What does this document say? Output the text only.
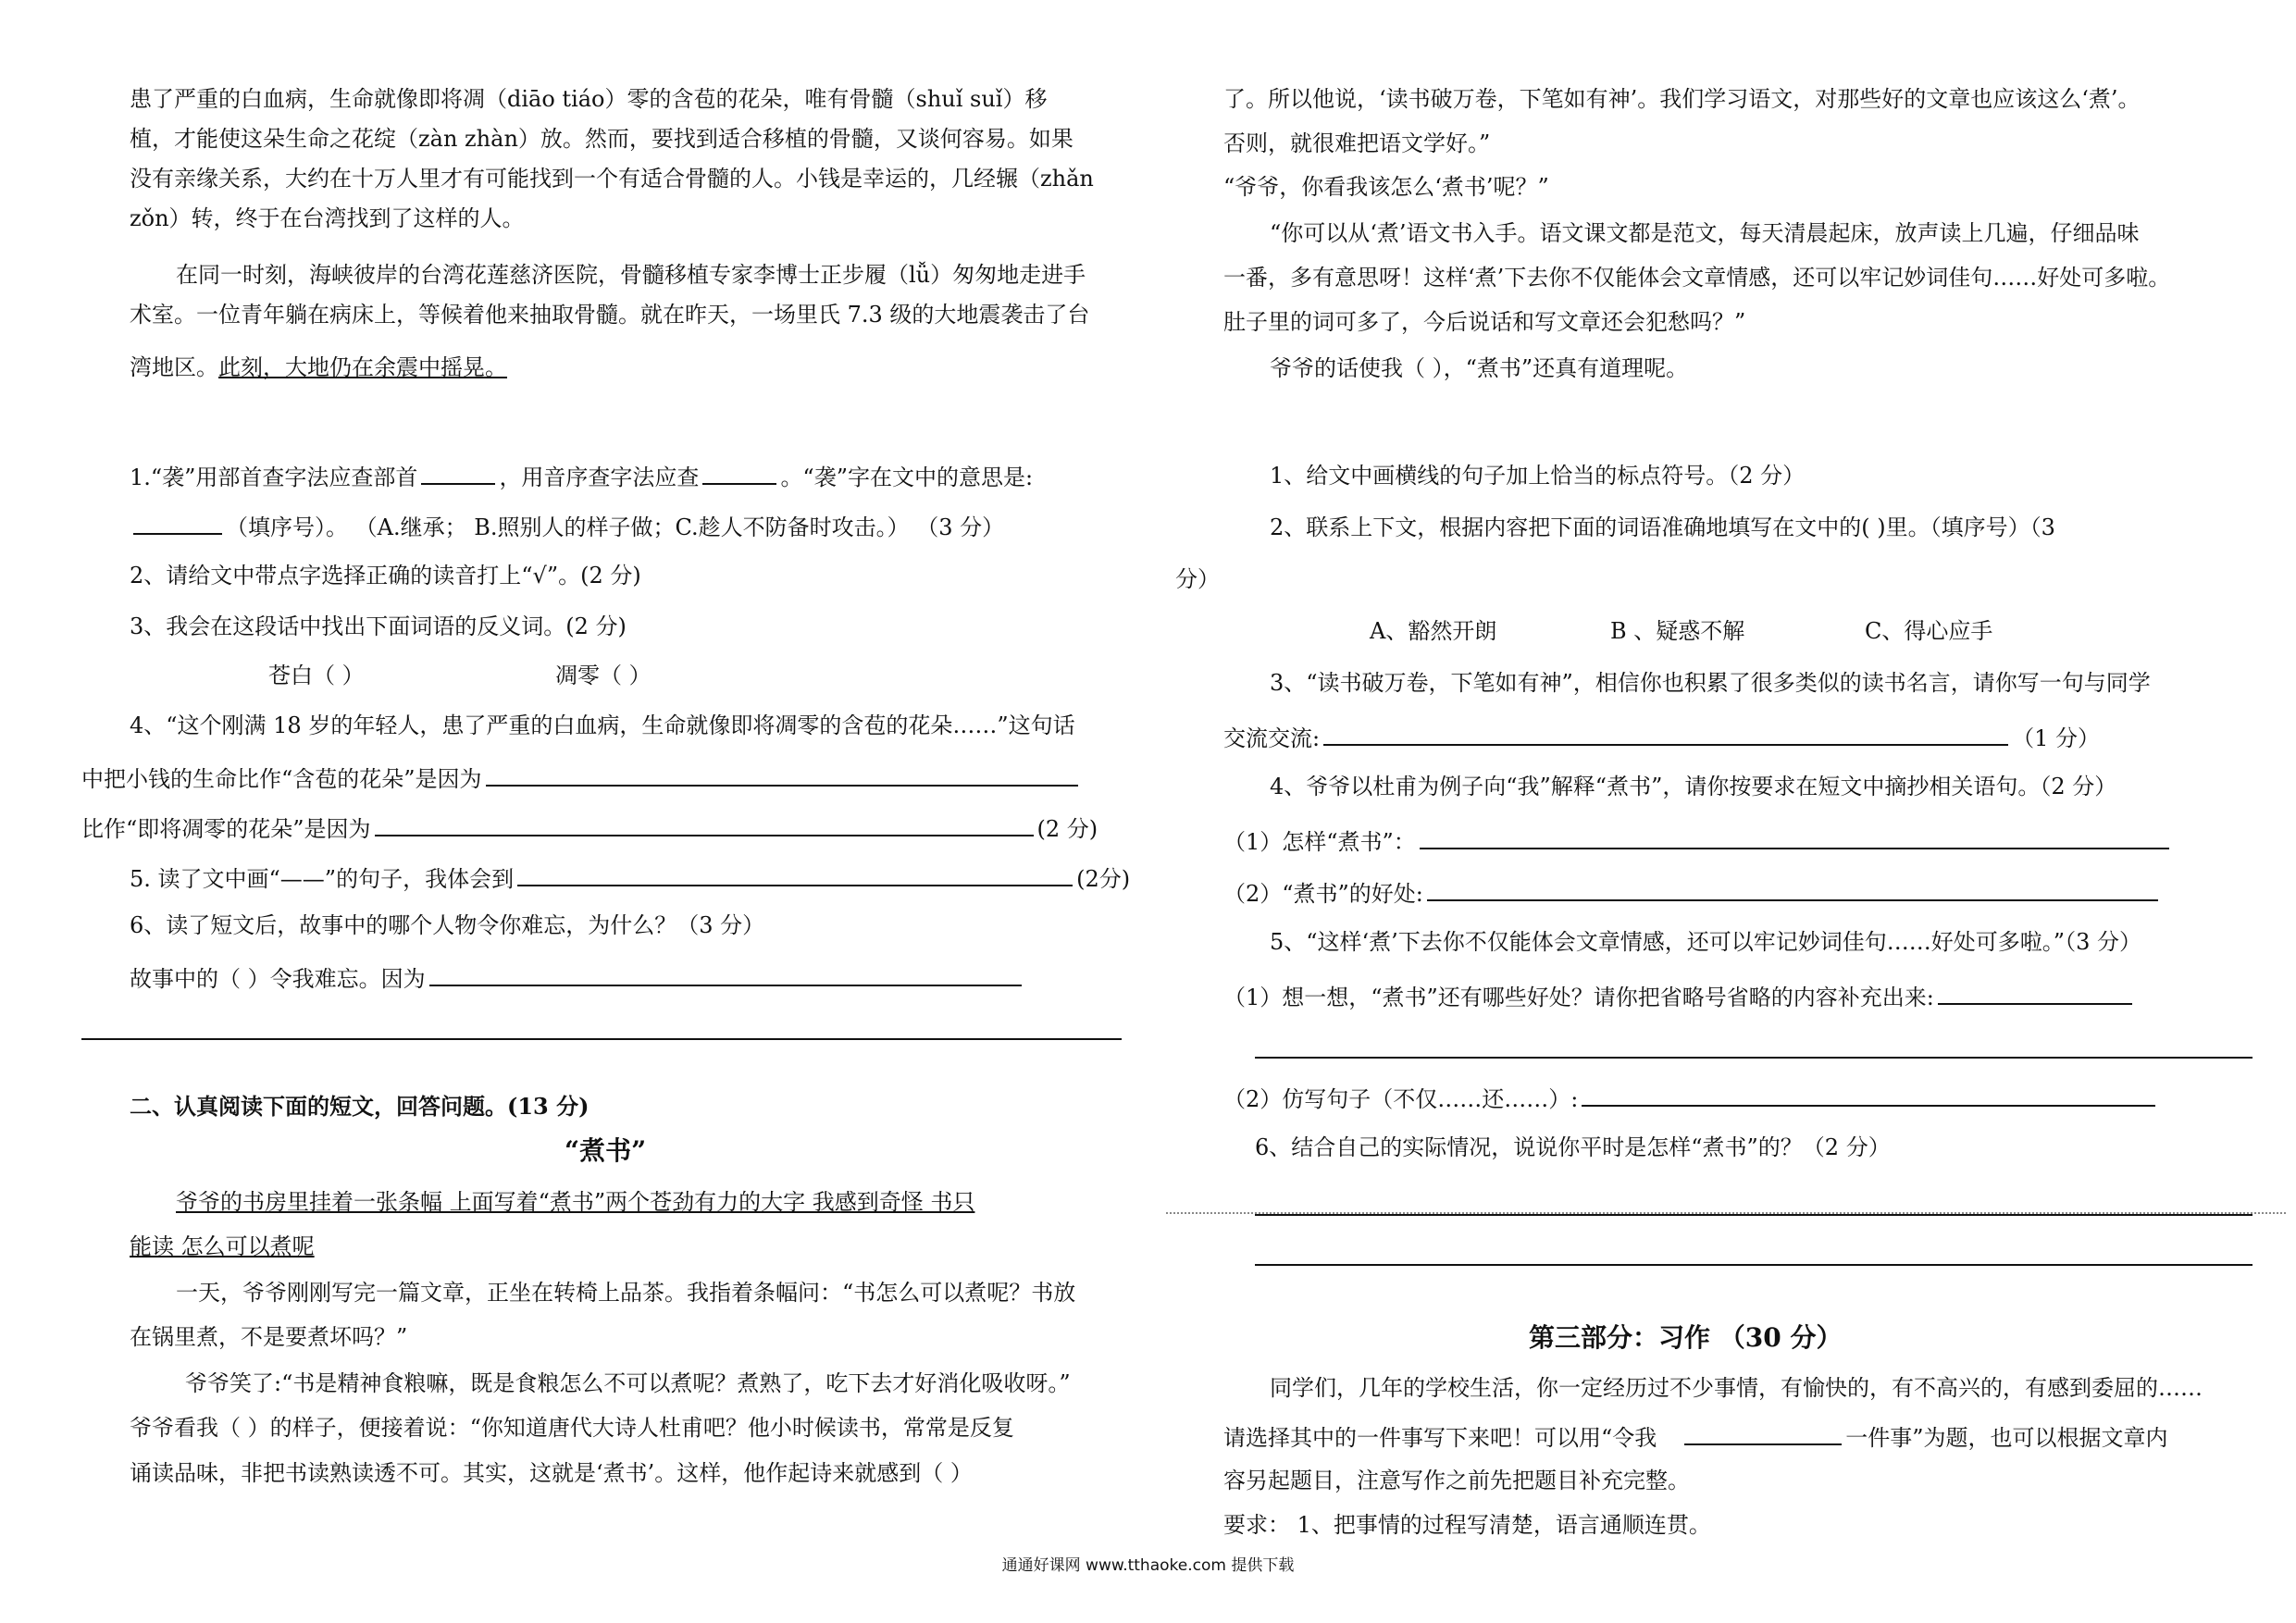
患了严重的白血病，生命就像即将凋（diāo tiáo）零的含苞的花朵，唯有骨髓（shuǐ suǐ）移
植，才能使这朵生命之花绽（zàn zhàn）放。然而，要找到适合移植的骨髓，又谈何容易。如果
没有亲缘关系，大约在十万人里才有可能找到一个有适合骨髓的人。小钱是幸运的，几经辗（zhǎn
zǒn）转，终于在台湾找到了这样的人。
在同一时刻，海峡彼岸的台湾花莲慈济医院，骨髓移植专家李博士正步履（lǚ）匆匆地走进手
术室。一位青年躺在病床上，等候着他来抽取骨髓。就在昨天，一场里氏 7.3 级的大地震袭击了台
湾地区。此刻，大地仍在余震中摇晃。
1.“袭”用部首查字法应查部首	，用音序查字法应查	。“袭”字在文中的意思是:
（填序号）。 （A.继承； B.照别人的样子做；C.趁人不防备时攻击。） （3 分）
2、请给文中带点字选择正确的读音打上“√”。(2 分)
3、我会在这段话中找出下面词语的反义词。(2 分)
苍白（ ）	凋零（ ）
4、“这个刚满 18 岁的年轻人，患了严重的白血病，生命就像即将凋零的含苞的花朵……”这句话
中把小钱的生命比作“含苞的花朵”是因为
比作“即将凋零的花朵”是因为	(2 分)
5. 读了文中画“——”的句子，我体会到	(2分)
6、读了短文后，故事中的哪个人物令你难忘，为什么？（3 分）
故事中的（ ）令我难忘。因为
二、认真阅读下面的短文，回答问题。(13 分)
“煮书”
爷爷的书房里挂着一张条幅 上面写着“煮书”两个苍劲有力的大字 我感到奇怪 书只
能读 怎么可以煮呢
一天，爷爷刚刚写完一篇文章，正坐在转椅上品茶。我指着条幅问：“书怎么可以煮呢？书放
在锅里煮，不是要煮坏吗？”
爷爷笑了:“书是精神食粮嘛，既是食粮怎么不可以煮呢？煮熟了，吃下去才好消化吸收呀。”
爷爷看我（ ）的样子，便接着说：“你知道唐代大诗人杜甫吧？他小时候读书，常常是反复
诵读品味，非把书读熟读透不可。其实，这就是‘煮书’。这样，他作起诗来就感到（ ）
了。所以他说，‘读书破万卷，下笔如有神’。我们学习语文，对那些好的文章也应该这么‘煮’。
否则，就很难把语文学好。”
“爷爷，你看我该怎么‘煮书’呢？”
“你可以从‘煮’语文书入手。语文课文都是范文，每天清晨起床，放声读上几遍，仔细品味
一番，多有意思呀！这样‘煮’下去你不仅能体会文章情感，还可以牢记妙词佳句……好处可多啦。
肚子里的词可多了，今后说话和写文章还会犯愁吗？”
爷爷的话使我（ ），“煮书”还真有道理呢。
1、给文中画横线的句子加上恰当的标点符号。（2 分）
2、联系上下文，根据内容把下面的词语准确地填写在文中的( )里。（填序号）（3
分）
A、豁然开朗	B 、疑惑不解	C、得心应手
3、“读书破万卷，下笔如有神”，相信你也积累了很多类似的读书名言，请你写一句与同学
交流交流:	（1 分）
4、爷爷以杜甫为例子向“我”解释“煮书”，请你按要求在短文中摘抄相关语句。（2 分）
（1）怎样“煮书”：
（2）“煮书”的好处:
5、“这样‘煮’下去你不仅能体会文章情感，还可以牢记妙词佳句……好处可多啦。”（3 分）
（1）想一想，“煮书”还有哪些好处？请你把省略号省略的内容补充出来:
（2）仿写句子（不仅……还……）:
6、结合自己的实际情况，说说你平时是怎样“煮书”的？（2 分）
第三部分：习作 （30 分）
同学们，几年的学校生活，你一定经历过不少事情，有愉快的，有不高兴的，有感到委屈的……
请选择其中的一件事写下来吧！可以用“令我	一件事”为题，也可以根据文章内
容另起题目，注意写作之前先把题目补充完整。
要求： 1、把事情的过程写清楚，语言通顺连贯。
通通好课网 www.tthaoke.com 提供下载
